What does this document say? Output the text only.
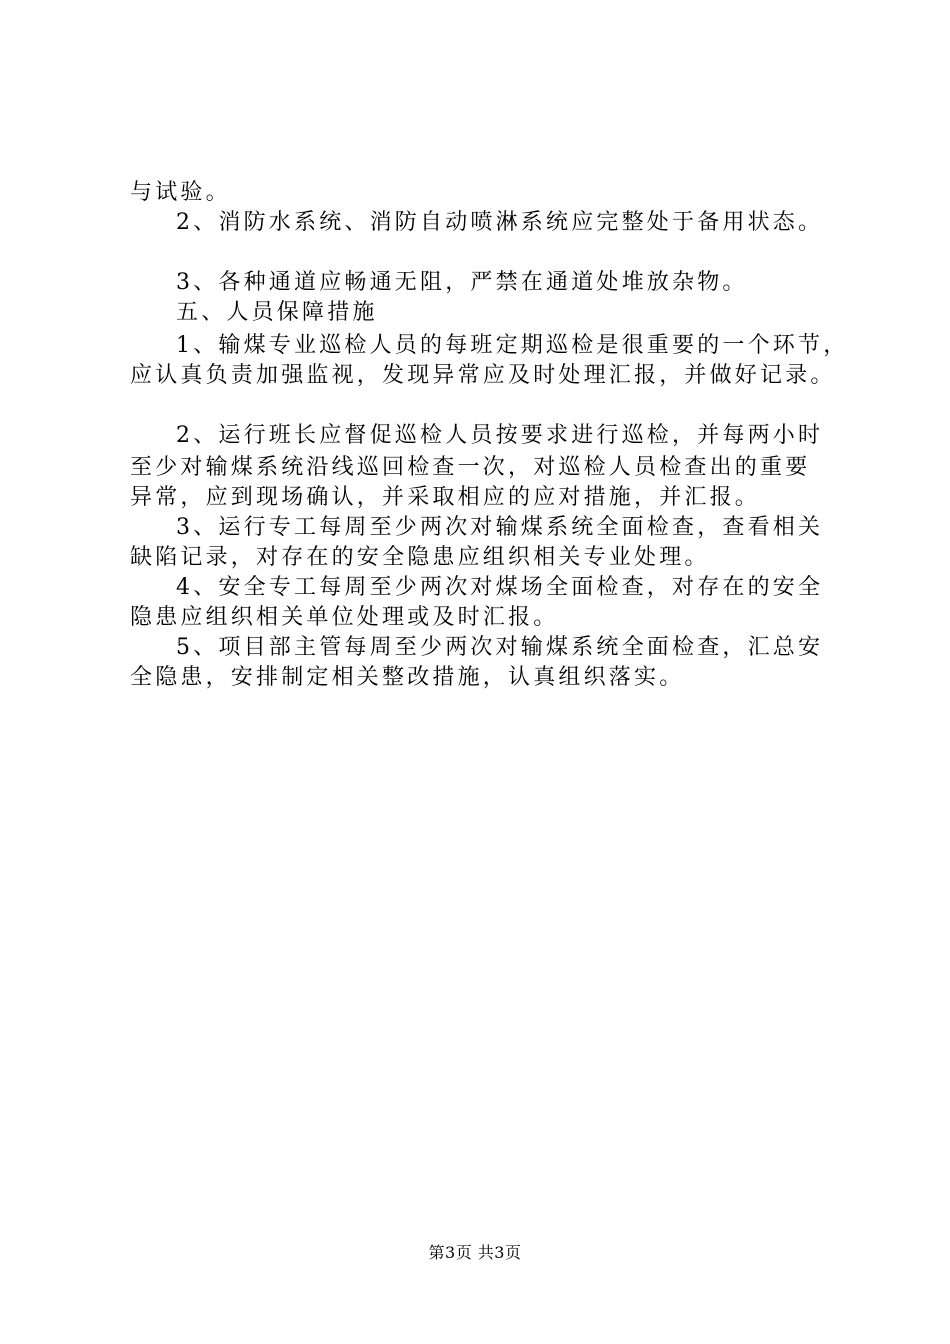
与试验。
2、消防水系统、消防自动喷淋系统应完整处于备用状态。
3、各种通道应畅通无阻，严禁在通道处堆放杂物。
五、人员保障措施
1、输煤专业巡检人员的每班定期巡检是很重要的一个环节，
应认真负责加强监视，发现异常应及时处理汇报，并做好记录。
2、运行班长应督促巡检人员按要求进行巡检，并每两小时
至少对输煤系统沿线巡回检查一次，对巡检人员检查出的重要
异常，应到现场确认，并采取相应的应对措施，并汇报。
3、运行专工每周至少两次对输煤系统全面检查，查看相关
缺陷记录，对存在的安全隐患应组织相关专业处理。
4、安全专工每周至少两次对煤场全面检查，对存在的安全
隐患应组织相关单位处理或及时汇报。
5、项目部主管每周至少两次对输煤系统全面检查，汇总安
全隐患，安排制定相关整改措施，认真组织落实。
第3页 共3页
